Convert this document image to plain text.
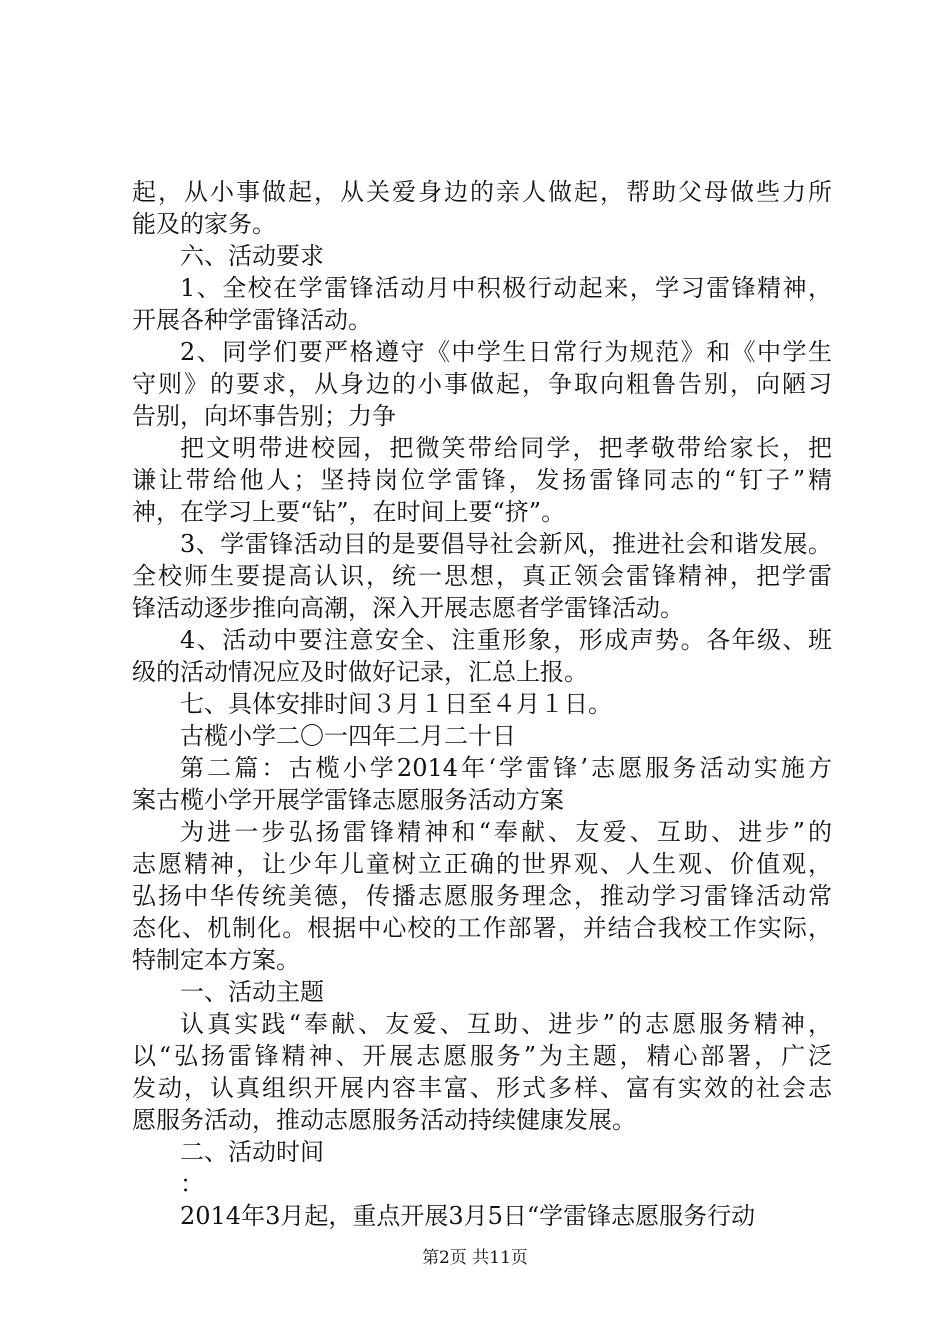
起，从小事做起，从关爱身边的亲人做起，帮助父母做些力所
能及的家务。
六、活动要求
1、全校在学雷锋活动月中积极行动起来，学习雷锋精神，
开展各种学雷锋活动。
2、同学们要严格遵守《中学生日常行为规范》和《中学生
守则》的要求，从身边的小事做起，争取向粗鲁告别，向陋习
告别，向坏事告别；力争
把文明带进校园，把微笑带给同学，把孝敬带给家长，把
谦让带给他人；坚持岗位学雷锋，发扬雷锋同志的“钉子”精
神，在学习上要“钻”，在时间上要“挤”。
3、学雷锋活动目的是要倡导社会新风，推进社会和谐发展。
全校师生要提高认识，统一思想，真正领会雷锋精神，把学雷
锋活动逐步推向高潮，深入开展志愿者学雷锋活动。
4、活动中要注意安全、注重形象，形成声势。各年级、班
级的活动情况应及时做好记录，汇总上报。
七、具体安排时间３月１日至４月１日。
古榄小学二〇一四年二月二十日
第二篇：古榄小学2014年‘学雷锋’志愿服务活动实施方
案古榄小学开展学雷锋志愿服务活动方案
为进一步弘扬雷锋精神和“奉献、友爱、互助、进步”的
志愿精神，让少年儿童树立正确的世界观、人生观、价值观，
弘扬中华传统美德，传播志愿服务理念，推动学习雷锋活动常
态化、机制化。根据中心校的工作部署，并结合我校工作实际，
特制定本方案。
一、活动主题
认真实践“奉献、友爱、互助、进步”的志愿服务精神，
以“弘扬雷锋精神、开展志愿服务”为主题，精心部署，广泛
发动，认真组织开展内容丰富、形式多样、富有实效的社会志
愿服务活动，推动志愿服务活动持续健康发展。
二、活动时间
：
2014年3月起，重点开展3月5日“学雷锋志愿服务行动
第2页 共11页
